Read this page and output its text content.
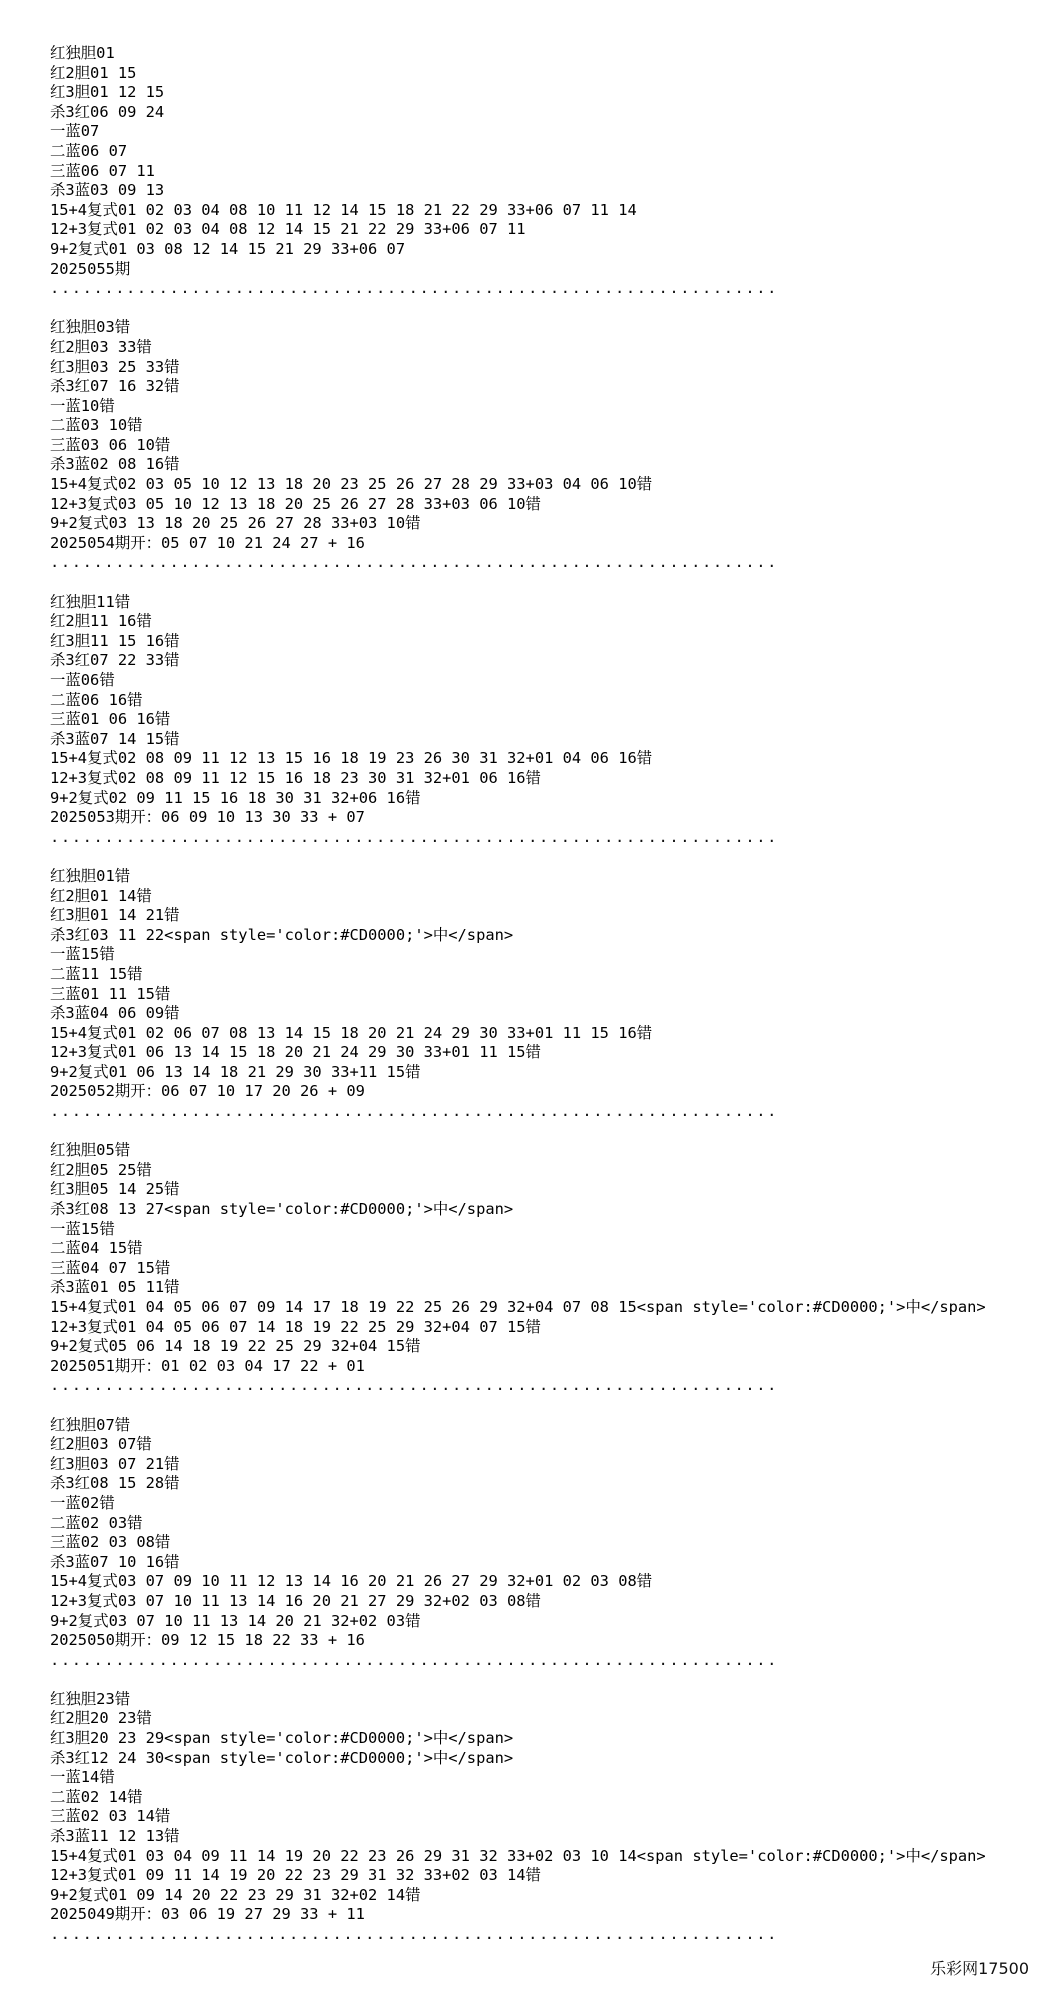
红独胆01
红2胆01 15
红3胆01 12 15
杀3红06 09 24
一蓝07
二蓝06 07
三蓝06 07 11
杀3蓝03 09 13
15+4复式01 02 03 04 08 10 11 12 14 15 18 21 22 29 33+06 07 11 14
12+3复式01 02 03 04 08 12 14 15 21 22 29 33+06 07 11
9+2复式01 03 08 12 14 15 21 29 33+06 07
2025055期
...................................................................
红独胆03错
红2胆03 33错
红3胆03 25 33错
杀3红07 16 32错
一蓝10错
二蓝03 10错
三蓝03 06 10错
杀3蓝02 08 16错
15+4复式02 03 05 10 12 13 18 20 23 25 26 27 28 29 33+03 04 06 10错
12+3复式03 05 10 12 13 18 20 25 26 27 28 33+03 06 10错
9+2复式03 13 18 20 25 26 27 28 33+03 10错
2025054期开：05 07 10 21 24 27 + 16
...................................................................
红独胆11错
红2胆11 16错
红3胆11 15 16错
杀3红07 22 33错
一蓝06错
二蓝06 16错
三蓝01 06 16错
杀3蓝07 14 15错
15+4复式02 08 09 11 12 13 15 16 18 19 23 26 30 31 32+01 04 06 16错
12+3复式02 08 09 11 12 15 16 18 23 30 31 32+01 06 16错
9+2复式02 09 11 15 16 18 30 31 32+06 16错
2025053期开：06 09 10 13 30 33 + 07
...................................................................
红独胆01错
红2胆01 14错
红3胆01 14 21错
杀3红03 11 22<span style='color:#CD0000;'>中</span>
一蓝15错
二蓝11 15错
三蓝01 11 15错
杀3蓝04 06 09错
15+4复式01 02 06 07 08 13 14 15 18 20 21 24 29 30 33+01 11 15 16错
12+3复式01 06 13 14 15 18 20 21 24 29 30 33+01 11 15错
9+2复式01 06 13 14 18 21 29 30 33+11 15错
2025052期开：06 07 10 17 20 26 + 09
...................................................................
红独胆05错
红2胆05 25错
红3胆05 14 25错
杀3红08 13 27<span style='color:#CD0000;'>中</span>
一蓝15错
二蓝04 15错
三蓝04 07 15错
杀3蓝01 05 11错
15+4复式01 04 05 06 07 09 14 17 18 19 22 25 26 29 32+04 07 08 15<span style='color:#CD0000;'>中</span>
12+3复式01 04 05 06 07 14 18 19 22 25 29 32+04 07 15错
9+2复式05 06 14 18 19 22 25 29 32+04 15错
2025051期开：01 02 03 04 17 22 + 01
...................................................................
红独胆07错
红2胆03 07错
红3胆03 07 21错
杀3红08 15 28错
一蓝02错
二蓝02 03错
三蓝02 03 08错
杀3蓝07 10 16错
15+4复式03 07 09 10 11 12 13 14 16 20 21 26 27 29 32+01 02 03 08错
12+3复式03 07 10 11 13 14 16 20 21 27 29 32+02 03 08错
9+2复式03 07 10 11 13 14 20 21 32+02 03错
2025050期开：09 12 15 18 22 33 + 16
...................................................................
红独胆23错
红2胆20 23错
红3胆20 23 29<span style='color:#CD0000;'>中</span>
杀3红12 24 30<span style='color:#CD0000;'>中</span>
一蓝14错
二蓝02 14错
三蓝02 03 14错
杀3蓝11 12 13错
15+4复式01 03 04 09 11 14 19 20 22 23 26 29 31 32 33+02 03 10 14<span style='color:#CD0000;'>中</span>
12+3复式01 09 11 14 19 20 22 23 29 31 32 33+02 03 14错
9+2复式01 09 14 20 22 23 29 31 32+02 14错
2025049期开：03 06 19 27 29 33 + 11
...................................................................
乐彩网17500
